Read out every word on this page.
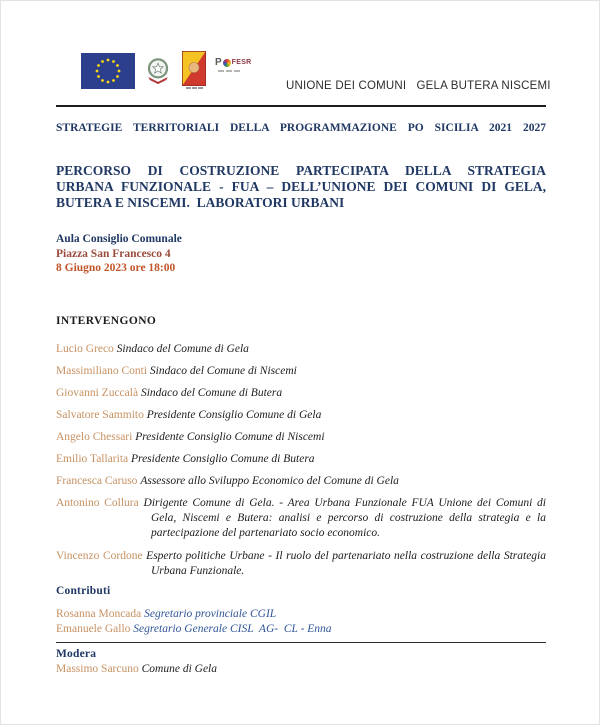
P FESR
UNIONE DEI COMUNI   GELA BUTERA NISCEMI
STRATEGIE TERRITORIALI DELLA PROGRAMMAZIONE PO SICILIA 2021 2027
PERCORSO DI COSTRUZIONE PARTECIPATA DELLA STRATEGIA
URBANA FUNZIONALE - FUA – DELL’UNIONE DEI COMUNI DI GELA,
BUTERA E NISCEMI.  LABORATORI URBANI
Aula Consiglio Comunale
Piazza San Francesco 4
8 Giugno 2023 ore 18:00
INTERVENGONO
Lucio Greco Sindaco del Comune di Gela
Massimiliano Conti Sindaco del Comune di Niscemi
Giovanni Zuccalà Sindaco del Comune di Butera
Salvatore Sammito Presidente Consiglio Comune di Gela
Angelo Chessari Presidente Consiglio Comune di Niscemi
Emilio Tallarita Presidente Consiglio Comune di Butera
Francesca Caruso Assessore allo Sviluppo Economico del Comune di Gela
Antonino Collura Dirigente Comune di Gela. - Area Urbana Funzionale FUA Unione dei Comuni di Gela, Niscemi e Butera: analisi e percorso di costruzione della strategia e la partecipazione del partenariato socio economico.
Vincenzo Cordone Esperto politiche Urbane - Il ruolo del partenariato nella costruzione della Strategia Urbana Funzionale.
Contributi
Rosanna Moncada Segretario provinciale CGIL
Emanuele Gallo Segretario Generale CISL  AG-  CL - Enna
Modera
Massimo Sarcuno Comune di Gela
